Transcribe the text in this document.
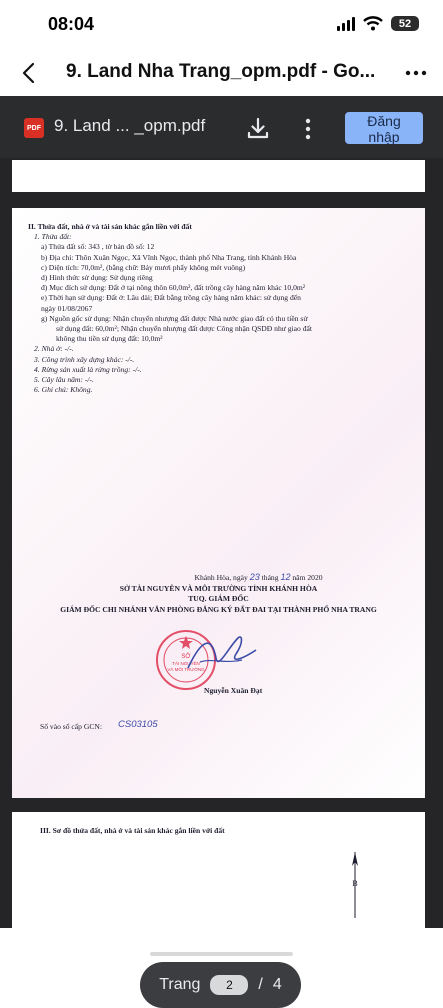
08:04	52
9. Land Nha Trang_opm.pdf - Go...
PDF 9. Land ... _opm.pdf	Đăng nhập
II. Thửa đất, nhà ở và tài sản khác gắn liền với đất
1. Thửa đất:
a) Thửa đất số: 343 , tờ bản đồ số: 12
b) Địa chỉ: Thôn Xuân Ngọc, Xã Vĩnh Ngọc, thành phố Nha Trang, tỉnh Khánh Hòa
c) Diện tích: 70,0m², (bằng chữ: Bảy mươi phẩy không mét vuông)
d) Hình thức sử dụng: Sử dụng riêng
đ) Mục đích sử dụng: Đất ở tại nông thôn 60,0m², đất trồng cây hàng năm khác 10,0m²
e) Thời hạn sử dụng: Đất ở: Lâu dài; Đất bằng trồng cây hàng năm khác: sử dụng đến
ngày 01/08/2067
g) Nguồn gốc sử dụng: Nhận chuyển nhượng đất được Nhà nước giao đất có thu tiền sử
sử dụng đất: 60,0m²; Nhận chuyển nhượng đất được Công nhận QSDĐ như giao đất
không thu tiền sử dụng đất: 10,0m²
2. Nhà ở: -/-.
3. Công trình xây dựng khác: -/-.
4. Rừng sản xuất là rừng trồng: -/-.
5. Cây lâu năm: -/-.
6. Ghi chú: Không.
Khánh Hòa, ngày 23 tháng 12 năm 2020
SỞ TÀI NGUYÊN VÀ MÔI TRƯỜNG TỈNH KHÁNH HÒA
TUQ. GIÁM ĐỐC
GIÁM ĐỐC CHI NHÁNH VĂN PHÒNG ĐĂNG KÝ ĐẤT ĐAI TẠI THÀNH PHỐ NHA TRANG
SỞ
TÀI NGUYÊN
VÀ MÔI TRƯỜNG
Nguyễn Xuân Đạt
Số vào sổ cấp GCN: CS03105
III. Sơ đồ thửa đất, nhà ở và tài sản khác gắn liền với đất
B
Trang
2	/ 4
